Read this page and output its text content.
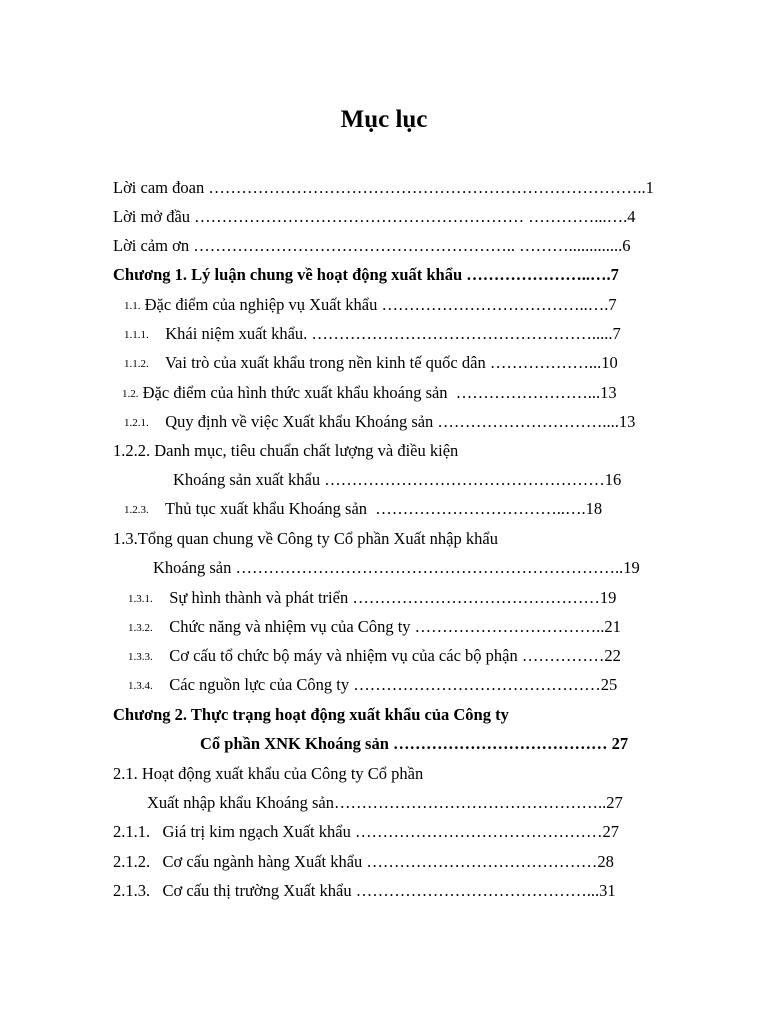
Mục lục
Lời cam đoan ……………………………………………………………………..1
Lời mở đầu …………………………………………………… …………...….4
Lời cảm ơn ………………………………………………….. ……….............6
Chương 1. Lý luận chung về hoạt động xuất khẩu …………………..….7
1.1. Đặc điểm của nghiệp vụ Xuất khẩu ………………………………..….7
1.1.1. Khái niệm xuất khẩu. …………………………………………….....7
1.1.2. Vai trò của xuất khẩu trong nền kinh tế quốc dân ………………...10
1.2. Đặc điểm của hình thức xuất khẩu khoáng sản  ……………………...13
1.2.1. Quy định về việc Xuất khẩu Khoáng sản …………………………....13
1.2.2. Danh mục, tiêu chuẩn chất lượng và điều kiện
Khoáng sản xuất khẩu ……………………………………………16
1.2.3. Thủ tục xuất khẩu Khoáng sản  ……………………………..….18
1.3.Tổng quan chung về Công ty Cổ phần Xuất nhập khẩu
Khoáng sản ……………………………………………………………..19
1.3.1. Sự hình thành và phát triển ………………………………………19
1.3.2. Chức năng và nhiệm vụ của Công ty ……………………………..21
1.3.3. Cơ cấu tổ chức bộ máy và nhiệm vụ của các bộ phận ……………22
1.3.4. Các nguồn lực của Công ty ………………………………………25
Chương 2. Thực trạng hoạt động xuất khẩu của Công ty
Cổ phần XNK Khoáng sản ………………………………… 27
2.1. Hoạt động xuất khẩu của Công ty Cổ phần
Xuất nhập khẩu Khoáng sản…………………………………………..27
2.1.1.   Giá trị kim ngạch Xuất khẩu ………………………………………27
2.1.2.   Cơ cấu ngành hàng Xuất khẩu ……………………………………28
2.1.3.   Cơ cấu thị trường Xuất khẩu ……………………………………...31
